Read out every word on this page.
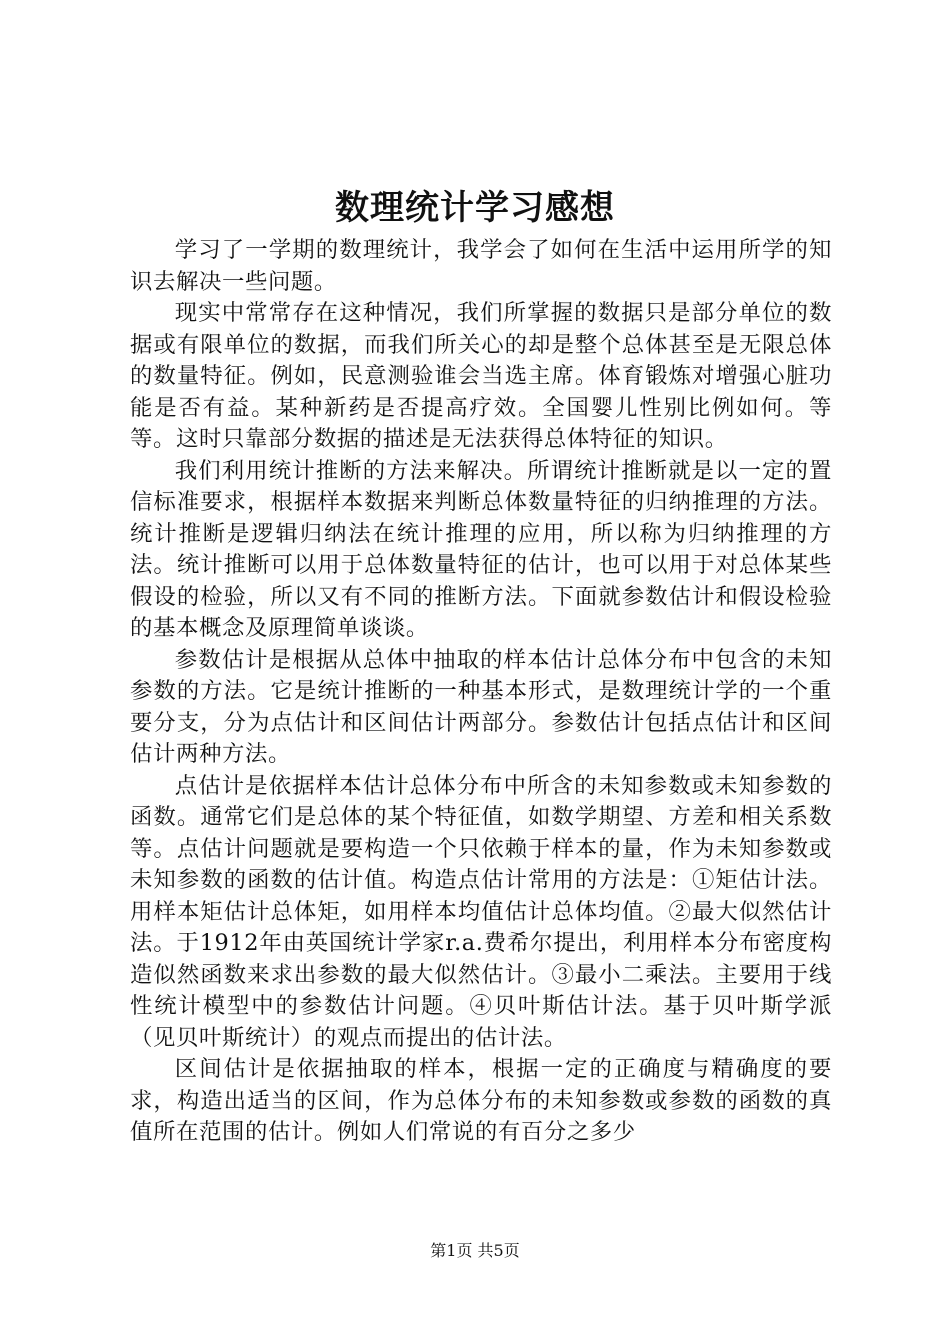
数理统计学习感想

学习了一学期的数理统计，我学会了如何在生活中运用所学的知识去解决一些问题。

现实中常常存在这种情况，我们所掌握的数据只是部分单位的数据或有限单位的数据，而我们所关心的却是整个总体甚至是无限总体的数量特征。例如，民意测验谁会当选主席。体育锻炼对增强心脏功能是否有益。某种新药是否提高疗效。全国婴儿性别比例如何。等等。这时只靠部分数据的描述是无法获得总体特征的知识。

我们利用统计推断的方法来解决。所谓统计推断就是以一定的置信标准要求，根据样本数据来判断总体数量特征的归纳推理的方法。统计推断是逻辑归纳法在统计推理的应用，所以称为归纳推理的方法。统计推断可以用于总体数量特征的估计，也可以用于对总体某些假设的检验，所以又有不同的推断方法。下面就参数估计和假设检验的基本概念及原理简单谈谈。

参数估计是根据从总体中抽取的样本估计总体分布中包含的未知参数的方法。它是统计推断的一种基本形式，是数理统计学的一个重要分支，分为点估计和区间估计两部分。参数估计包括点估计和区间估计两种方法。

点估计是依据样本估计总体分布中所含的未知参数或未知参数的函数。通常它们是总体的某个特征值，如数学期望、方差和相关系数等。点估计问题就是要构造一个只依赖于样本的量，作为未知参数或未知参数的函数的估计值。构造点估计常用的方法是：①矩估计法。用样本矩估计总体矩，如用样本均值估计总体均值。②最大似然估计法。于1912年由英国统计学家r.a.费希尔提出，利用样本分布密度构造似然函数来求出参数的最大似然估计。③最小二乘法。主要用于线性统计模型中的参数估计问题。④贝叶斯估计法。基于贝叶斯学派（见贝叶斯统计）的观点而提出的估计法。

区间估计是依据抽取的样本，根据一定的正确度与精确度的要求，构造出适当的区间，作为总体分布的未知参数或参数的函数的真值所在范围的估计。例如人们常说的有百分之多少

第1页 共5页
